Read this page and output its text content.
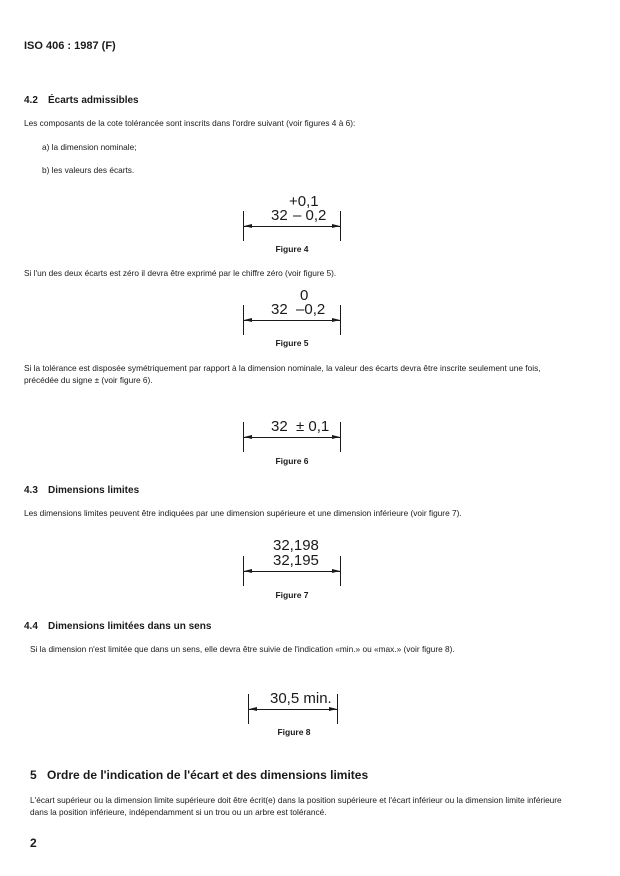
ISO 406 : 1987 (F)
4.2 Écarts admissibles
Les composants de la cote tolérancée sont inscrits dans l'ordre suivant (voir figures 4 à 6):
a) la dimension nominale;
b) les valeurs des écarts.
+0,1
32 – 0,2
Figure 4
Si l'un des deux écarts est zéro il devra être exprimé par le chiffre zéro (voir figure 5).
0
32  –0,2
Figure 5
Si la tolérance est disposée symétriquement par rapport à la dimension nominale, la valeur des écarts devra être inscrite seulement une fois, précédée du signe ± (voir figure 6).
32  ± 0,1
Figure 6
4.3 Dimensions limites
Les dimensions limites peuvent être indiquées par une dimension supérieure et une dimension inférieure (voir figure 7).
32,198
32,195
Figure 7
4.4 Dimensions limitées dans un sens
Si la dimension n'est limitée que dans un sens, elle devra être suivie de l'indication «min.» ou «max.» (voir figure 8).
30,5 min.
Figure 8
5 Ordre de l'indication de l'écart et des dimensions limites
L'écart supérieur ou la dimension limite supérieure doit être écrit(e) dans la position supérieure et l'écart inférieur ou la dimension limite inférieure dans la position inférieure, indépendamment si un trou ou un arbre est tolérancé.
2
